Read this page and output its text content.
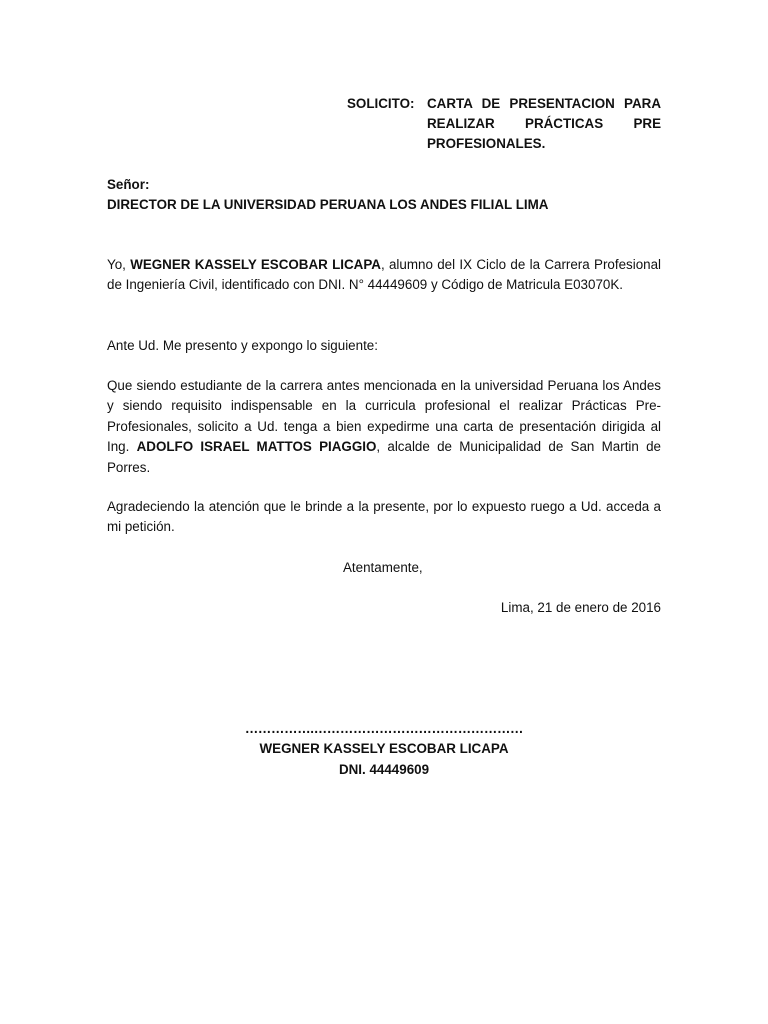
SOLICITO: CARTA DE PRESENTACION PARA
REALIZAR PRÁCTICAS PRE
PROFESIONALES.
Señor:
DIRECTOR DE LA UNIVERSIDAD PERUANA LOS ANDES FILIAL LIMA
Yo, WEGNER KASSELY ESCOBAR LICAPA, alumno del IX Ciclo de la Carrera Profesional de Ingeniería Civil, identificado con DNI. N° 44449609 y Código de Matricula E03070K.
Ante Ud. Me presento y expongo lo siguiente:
Que siendo estudiante de la carrera antes mencionada en la universidad Peruana los Andes y siendo requisito indispensable en la curricula profesional el realizar Prácticas Pre-Profesionales, solicito a Ud. tenga a bien expedirme una carta de presentación dirigida al Ing. ADOLFO ISRAEL MATTOS PIAGGIO, alcalde de Municipalidad de San Martin de Porres.
Agradeciendo la atención que le brinde a la presente, por lo expuesto ruego a Ud. acceda a mi petición.
Atentamente,
Lima, 21 de enero de 2016
…………….…………………………………………
WEGNER KASSELY ESCOBAR LICAPA
DNI. 44449609
